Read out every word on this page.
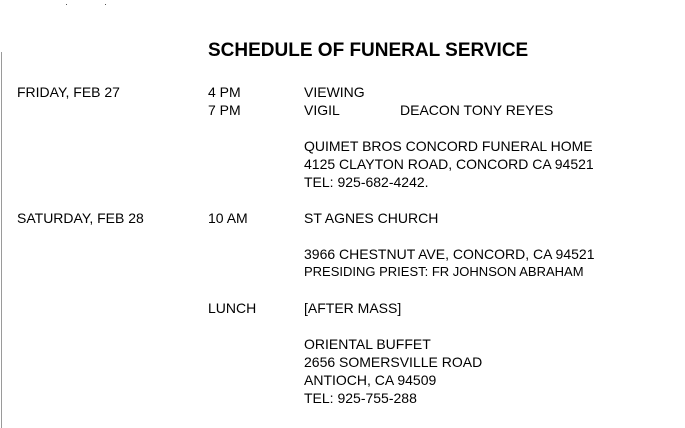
SCHEDULE OF FUNERAL SERVICE
FRIDAY, FEB 27	4 PM	VIEWING
7 PM	VIGIL	DEACON TONY REYES
QUIMET BROS CONCORD FUNERAL HOME
4125 CLAYTON ROAD, CONCORD CA 94521
TEL: 925-682-4242.
SATURDAY, FEB 28	10 AM	ST AGNES CHURCH
3966 CHESTNUT AVE, CONCORD, CA 94521
PRESIDING PRIEST: FR JOHNSON ABRAHAM
LUNCH	[AFTER MASS]
ORIENTAL BUFFET
2656 SOMERSVILLE ROAD
ANTIOCH, CA 94509
TEL: 925-755-288
